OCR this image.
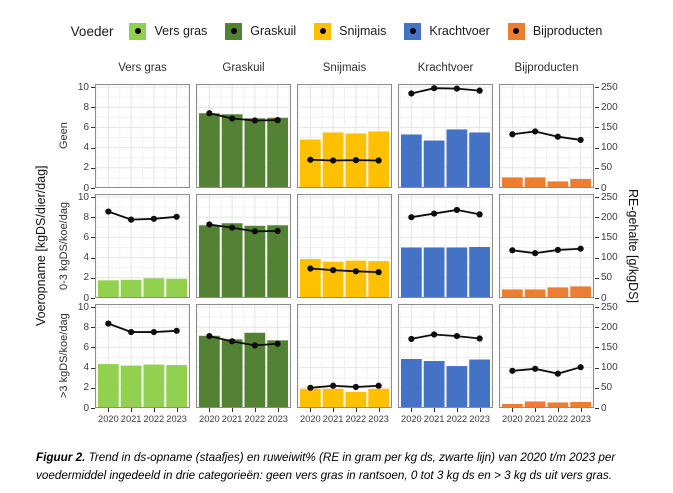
Voeder	Vers gras	Graskuil	Snijmais	Krachtvoer	Bijproducten
Vers gras	Graskuil	Snijmais	Krachtvoer	Bijproducten
Geen
0-3 kgDS/koe/dag
>3 kgDS/koe/dag
Voeropname [kgDS/dier/dag]	RE-gehalte [g/kgDS]
0
2
4
6
8
10
0
50
100
150
200
250
0
2
4
6
8
10
0
50
100
150
200
250
0
2
4
6
8
10
0
50
100
150
200
250
2020 2021 2022 2023	2020 2021 2022 2023	2020 2021 2022 2023	2020 2021 2022 2023	2020 2021 2022 2023
Figuur 2. Trend in ds-opname (staafjes) en ruweiwit% (RE in gram per kg ds, zwarte lijn) van 2020 t/m 2023 per voedermiddel ingedeeld in drie categorieën: geen vers gras in rantsoen, 0 tot 3 kg ds en > 3 kg ds uit vers gras.
